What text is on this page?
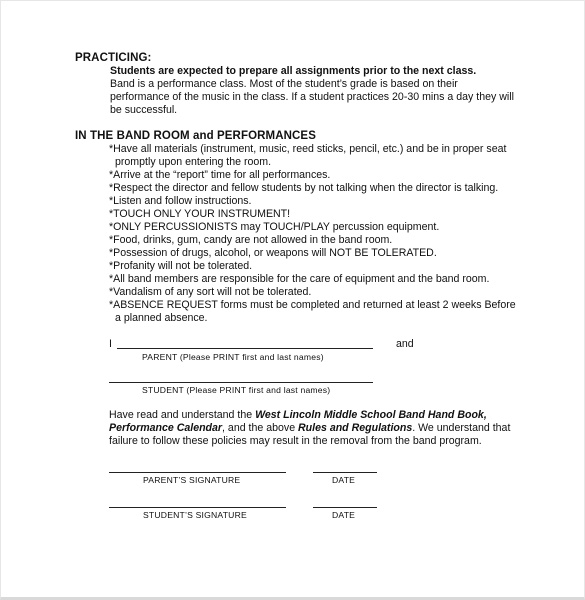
PRACTICING:
Students are expected to prepare all assignments prior to the next class.
Band is a performance class. Most of the student’s grade is based on their
performance of the music in the class. If a student practices 20-30 mins a day they will
be successful.
IN THE BAND ROOM and PERFORMANCES
*Have all materials (instrument, music, reed sticks, pencil, etc.) and be in proper seat
promptly upon entering the room.
*Arrive at the “report” time for all performances.
*Respect the director and fellow students by not talking when the director is talking.
*Listen and follow instructions.
*TOUCH ONLY YOUR INSTRUMENT!
*ONLY PERCUSSIONISTS may TOUCH/PLAY percussion equipment.
*Food, drinks, gum, candy are not allowed in the band room.
*Possession of drugs, alcohol, or weapons will NOT BE TOLERATED.
*Profanity will not be tolerated.
*All band members are responsible for the care of equipment and the band room.
*Vandalism of any sort will not be tolerated.
*ABSENCE REQUEST forms must be completed and returned at least 2 weeks Before
a planned absence.
I	and
PARENT (Please PRINT first and last names)
STUDENT (Please PRINT first and last names)
Have read and understand the West Lincoln Middle School Band Hand Book,
Performance Calendar, and the above Rules and Regulations. We understand that
failure to follow these policies may result in the removal from the band program.
PARENT’S SIGNATURE	DATE
STUDENT’S SIGNATURE	DATE
